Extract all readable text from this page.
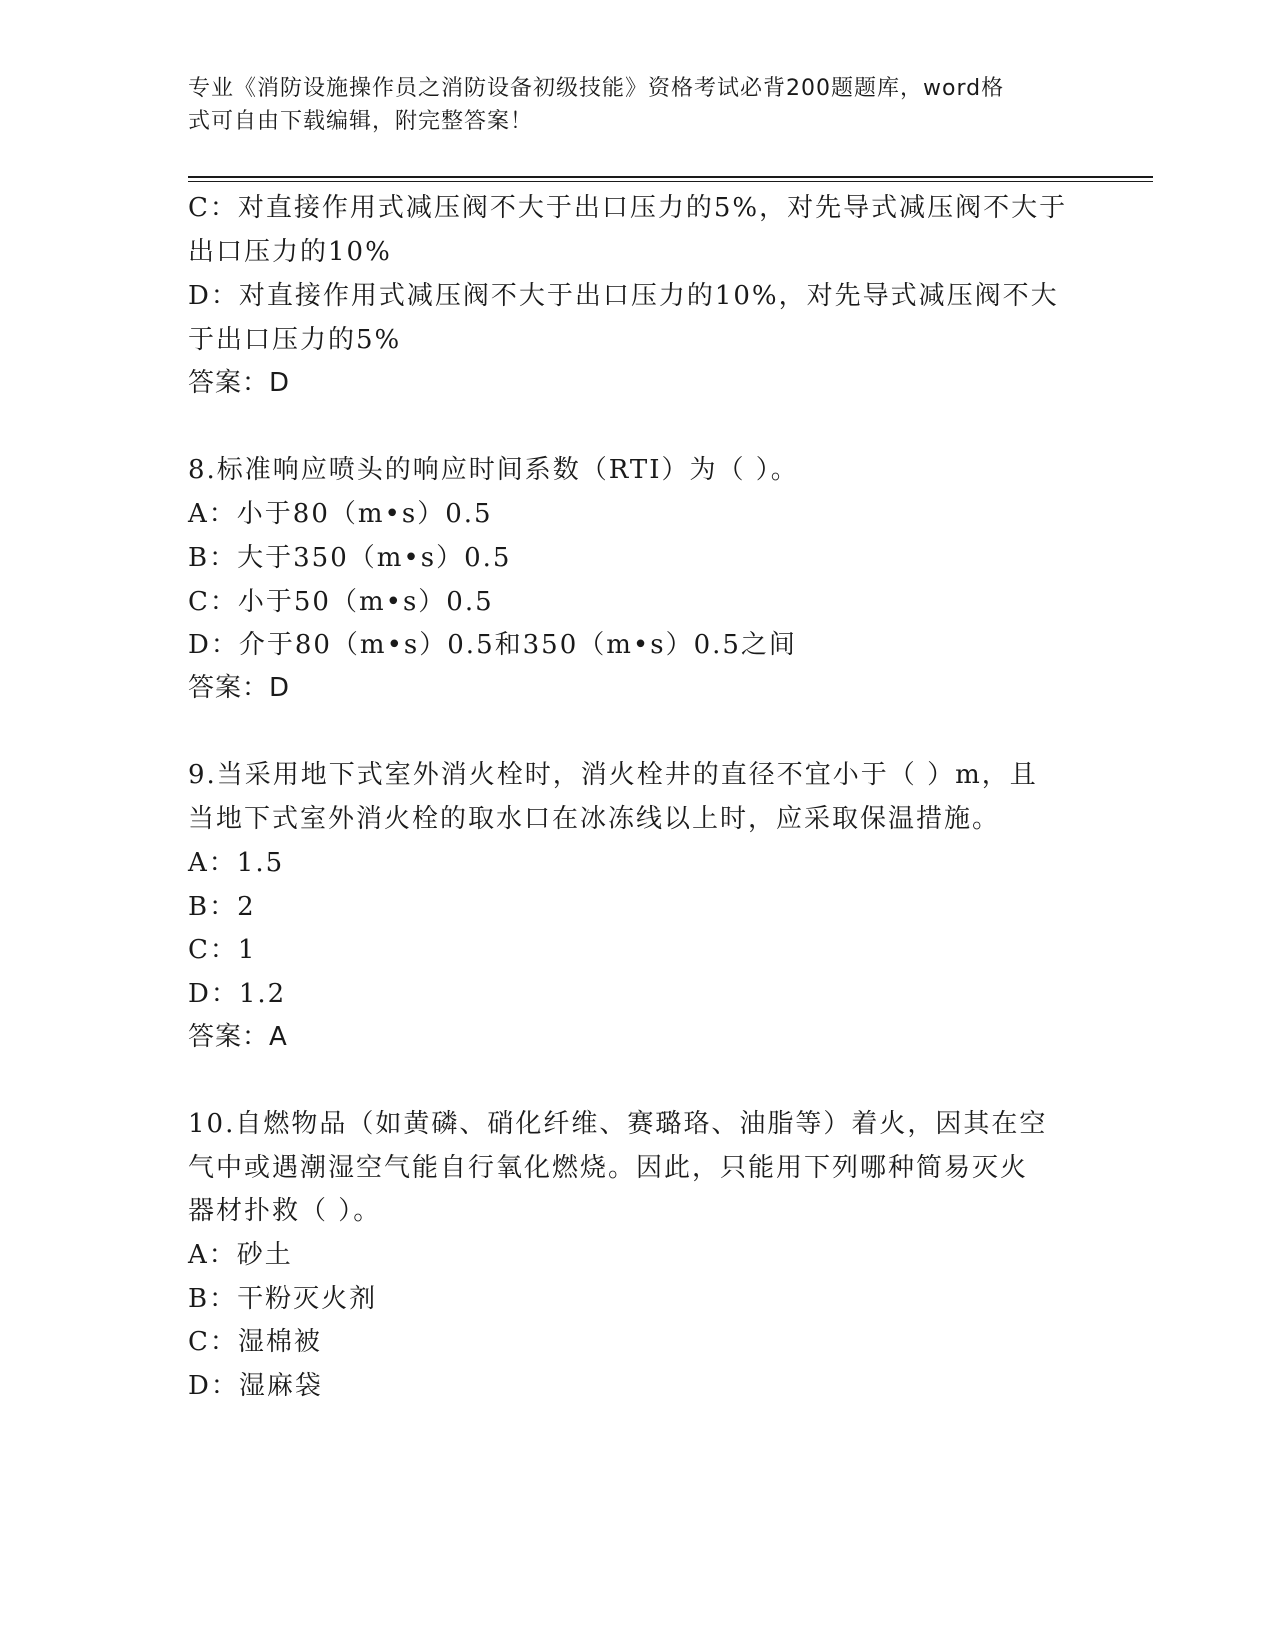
专业《消防设施操作员之消防设备初级技能》资格考试必背200题题库，word格

式可自由下载编辑，附完整答案！

C：对直接作用式减压阀不大于出口压力的5%，对先导式减压阀不大于

出口压力的10%

D：对直接作用式减压阀不大于出口压力的10%，对先导式减压阀不大

于出口压力的5%

答案：D

8.标准响应喷头的响应时间系数（RTI）为（ ）。

A：小于80（m•s）0.5

B：大于350（m•s）0.5

C：小于50（m•s）0.5

D：介于80（m•s）0.5和350（m•s）0.5之间

答案：D

9.当采用地下式室外消火栓时，消火栓井的直径不宜小于（ ）m，且

当地下式室外消火栓的取水口在冰冻线以上时，应采取保温措施。

A：1.5

B：2

C：1

D：1.2

答案：A

10.自燃物品（如黄磷、硝化纤维、赛璐珞、油脂等）着火，因其在空

气中或遇潮湿空气能自行氧化燃烧。因此，只能用下列哪种简易灭火

器材扑救（ ）。

A：砂土

B：干粉灭火剂

C：湿棉被

D：湿麻袋
